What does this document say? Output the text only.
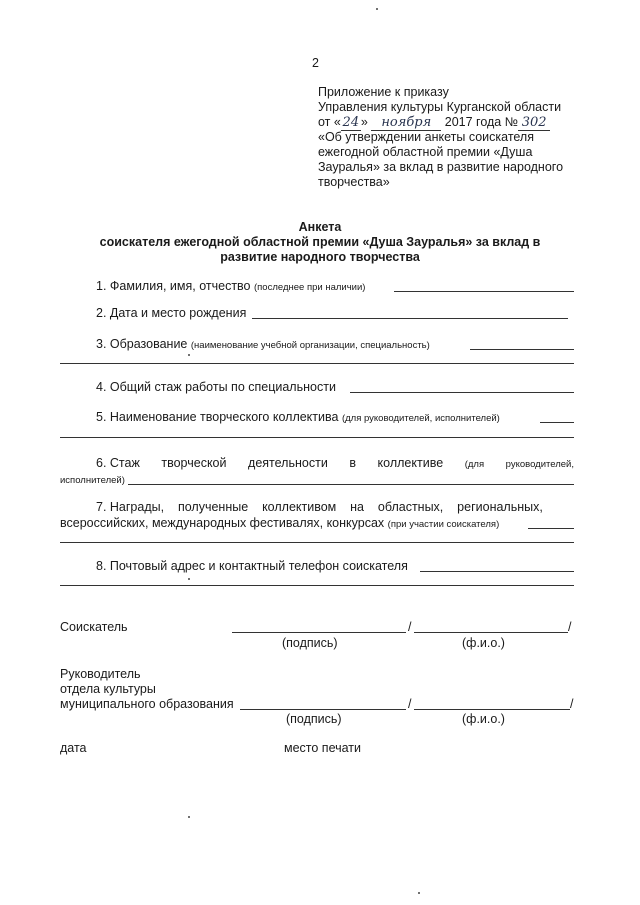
2
Приложение к приказу
Управления культуры Курганской области
от « 24 » ноября 2017 года № 302
«Об утверждении анкеты соискателя
ежегодной областной премии «Душа
Зауралья» за вклад в развитие народного
творчества»
Анкета
соискателя ежегодной областной премии «Душа Зауралья» за вклад в
развитие народного творчества
1. Фамилия, имя, отчество (последнее при наличии)
2. Дата и место рождения
3. Образование (наименование учебной организации, специальность)
4. Общий стаж работы по специальности
5. Наименование творческого коллектива (для руководителей, исполнителей)
6. Стаж творческой деятельности в коллективе (для руководителей,
исполнителей)
7. Награды,    полученные    коллективом    на    областных,    региональных,
всероссийских, международных фестивалях, конкурсах (при участии соискателя)
8. Почтовый адрес и контактный телефон соискателя
Соискатель	/	/
(подпись)	(ф.и.о.)
Руководитель
отдела культуры
муниципального образования	/	/
(подпись)	(ф.и.о.)
дата	место печати
